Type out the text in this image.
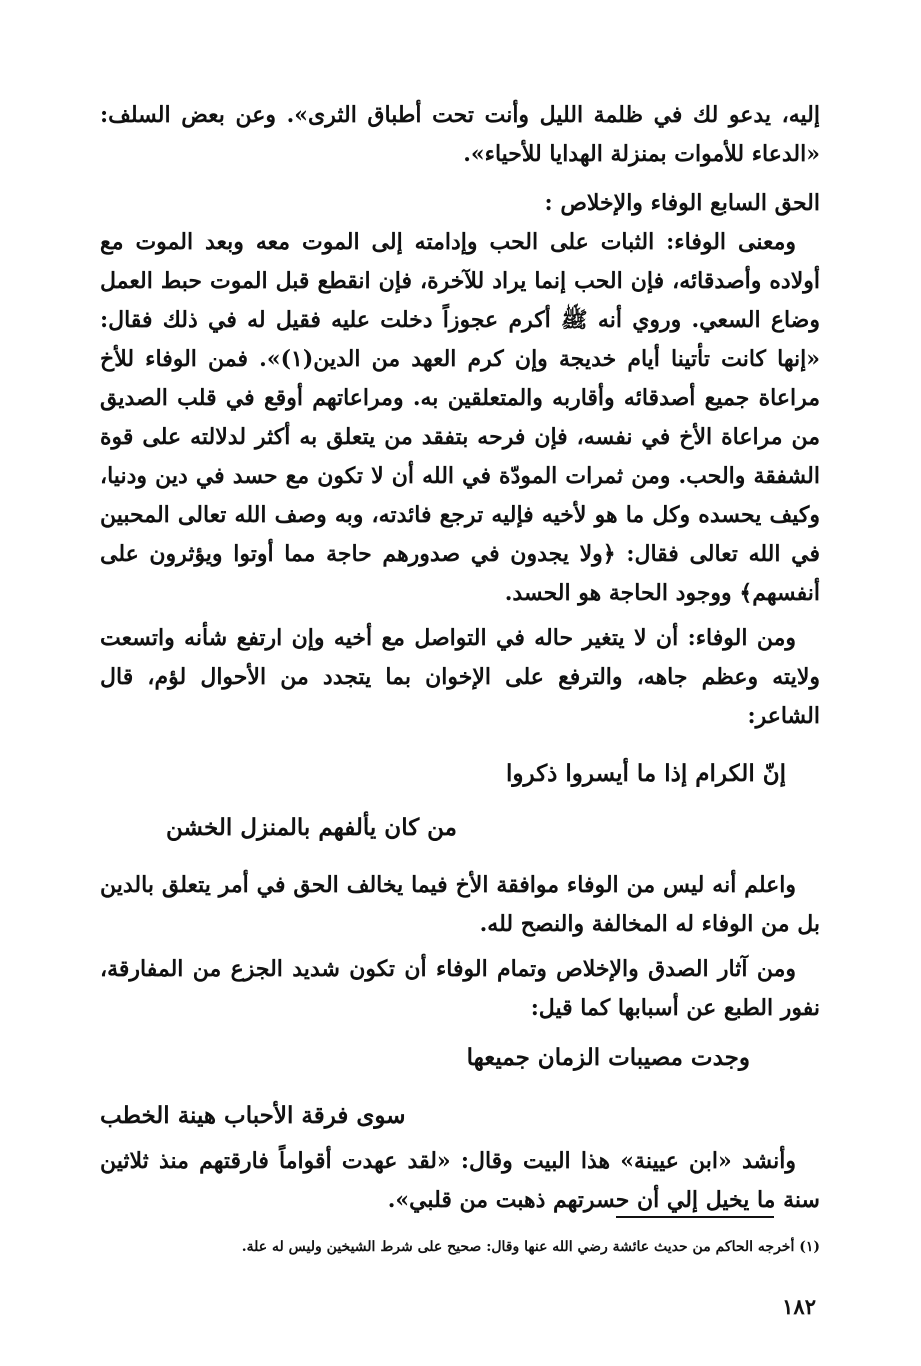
إليه، يدعو لك في ظلمة الليل وأنت تحت أطباق الثرى». وعن بعض السلف: «الدعاء للأموات بمنزلة الهدايا للأحياء».

الحق السابع الوفاء والإخلاص :

ومعنى الوفاء: الثبات على الحب وإدامته إلى الموت معه وبعد الموت مع أولاده وأصدقائه، فإن الحب إنما يراد للآخرة، فإن انقطع قبل الموت حبط العمل وضاع السعي. وروي أنه ﷺ أكرم عجوزاً دخلت عليه فقيل له في ذلك فقال: «إنها كانت تأتينا أيام خديجة وإن كرم العهد من الدين(١)». فمن الوفاء للأخ مراعاة جميع أصدقائه وأقاربه والمتعلقين به. ومراعاتهم أوقع في قلب الصديق من مراعاة الأخ في نفسه، فإن فرحه بتفقد من يتعلق به أكثر لدلالته على قوة الشفقة والحب. ومن ثمرات المودّة في الله أن لا تكون مع حسد في دين ودنيا، وكيف يحسده وكل ما هو لأخيه فإليه ترجع فائدته، وبه وصف الله تعالى المحبين في الله تعالى فقال: ﴿ولا يجدون في صدورهم حاجة مما أوتوا ويؤثرون على أنفسهم﴾ ووجود الحاجة هو الحسد.

ومن الوفاء: أن لا يتغير حاله في التواصل مع أخيه وإن ارتفع شأنه واتسعت ولايته وعظم جاهه، والترفع على الإخوان بما يتجدد من الأحوال لؤم، قال الشاعر:

إنّ الكرام إذا ما أيسروا ذكروا

من كان يألفهم بالمنزل الخشن

واعلم أنه ليس من الوفاء موافقة الأخ فيما يخالف الحق في أمر يتعلق بالدين بل من الوفاء له المخالفة والنصح لله.

ومن آثار الصدق والإخلاص وتمام الوفاء أن تكون شديد الجزع من المفارقة، نفور الطبع عن أسبابها كما قيل:

وجدت مصيبات الزمان جميعها

سوى فرقة الأحباب هينة الخطب

وأنشد «ابن عيينة» هذا البيت وقال: «لقد عهدت أقواماً فارقتهم منذ ثلاثين سنة ما يخيل إلي أن حسرتهم ذهبت من قلبي».

(١) أخرجه الحاكم من حديث عائشة رضي الله عنها وقال: صحيح على شرط الشيخين وليس له علة.

١٨٢
